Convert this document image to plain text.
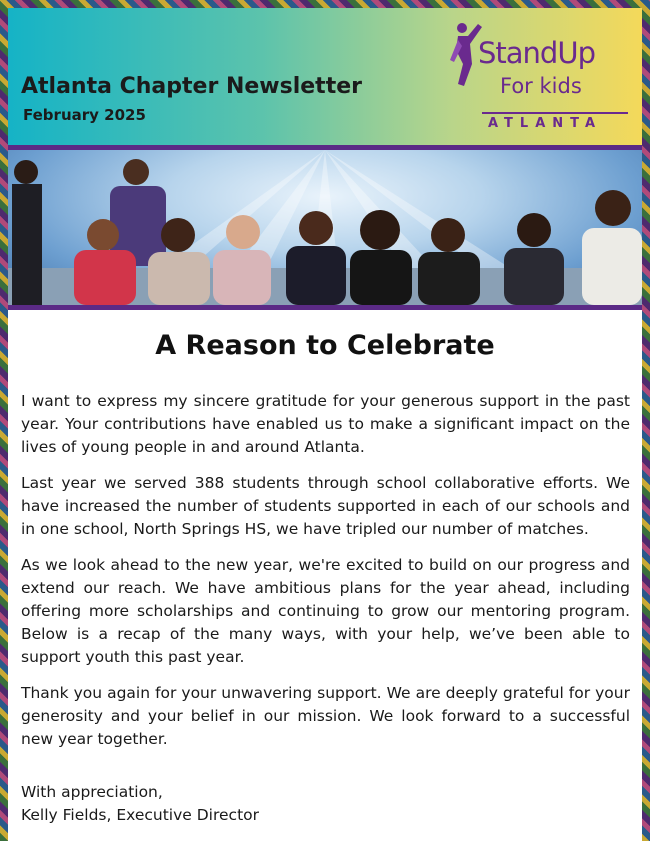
Atlanta Chapter Newsletter
February 2025
StandUp
For kids
ATLANTA
A Reason to Celebrate

I want to express my sincere gratitude for your generous support in the past year. Your contributions have enabled us to make a significant impact on the lives of young people in and around Atlanta.

Last year we served 388 students through school collaborative efforts. We have increased the number of students supported in each of our schools and in one school, North Springs HS, we have tripled our number of matches.

As we look ahead to the new year, we're excited to build on our progress and extend our reach. We have ambitious plans for the year ahead, including offering more scholarships and continuing to grow our mentoring program. Below is a recap of the many ways, with your help, we’ve been able to support youth this past year.

Thank you again for your unwavering support. We are deeply grateful for your generosity and your belief in our mission. We look forward to a successful new year together.

With appreciation,
Kelly Fields, Executive Director
